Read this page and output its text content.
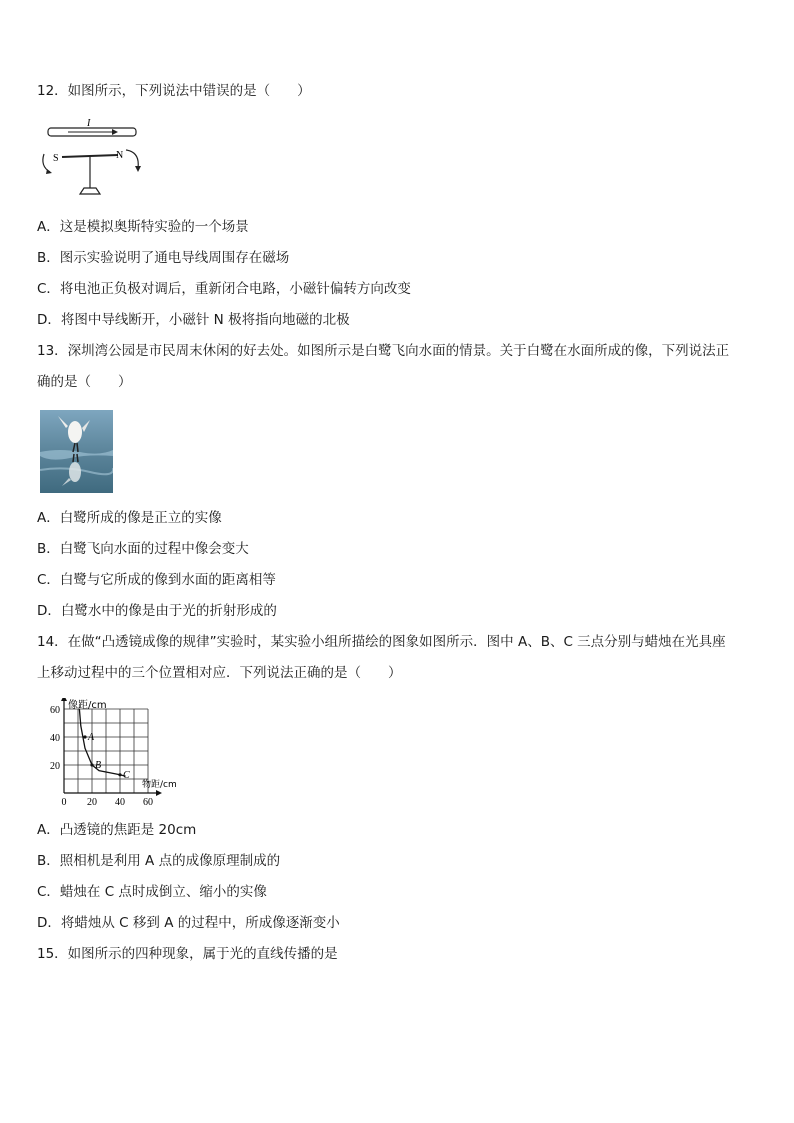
12．如图所示，下列说法中错误的是（　　）
I
S	N
A．这是模拟奥斯特实验的一个场景
B．图示实验说明了通电导线周围存在磁场
C．将电池正负极对调后，重新闭合电路，小磁针偏转方向改变
D．将图中导线断开，小磁针 N 极将指向地磁的北极
13．深圳湾公园是市民周末休闲的好去处。如图所示是白鹭飞向水面的情景。关于白鹭在水面所成的像，下列说法正
确的是（　　）
A．白鹭所成的像是正立的实像
B．白鹭飞向水面的过程中像会变大
C．白鹭与它所成的像到水面的距离相等
D．白鹭水中的像是由于光的折射形成的
14．在做“凸透镜成像的规律”实验时，某实验小组所描绘的图象如图所示．图中 A、B、C 三点分别与蜡烛在光具座
上移动过程中的三个位置相对应．下列说法正确的是（　　）
A
B
C
0 20 40 60
20
40
60 像距/cm
物距/cm
A．凸透镜的焦距是 20cm
B．照相机是利用 A 点的成像原理制成的
C．蜡烛在 C 点时成倒立、缩小的实像
D．将蜡烛从 C 移到 A 的过程中，所成像逐渐变小
15．如图所示的四种现象，属于光的直线传播的是
